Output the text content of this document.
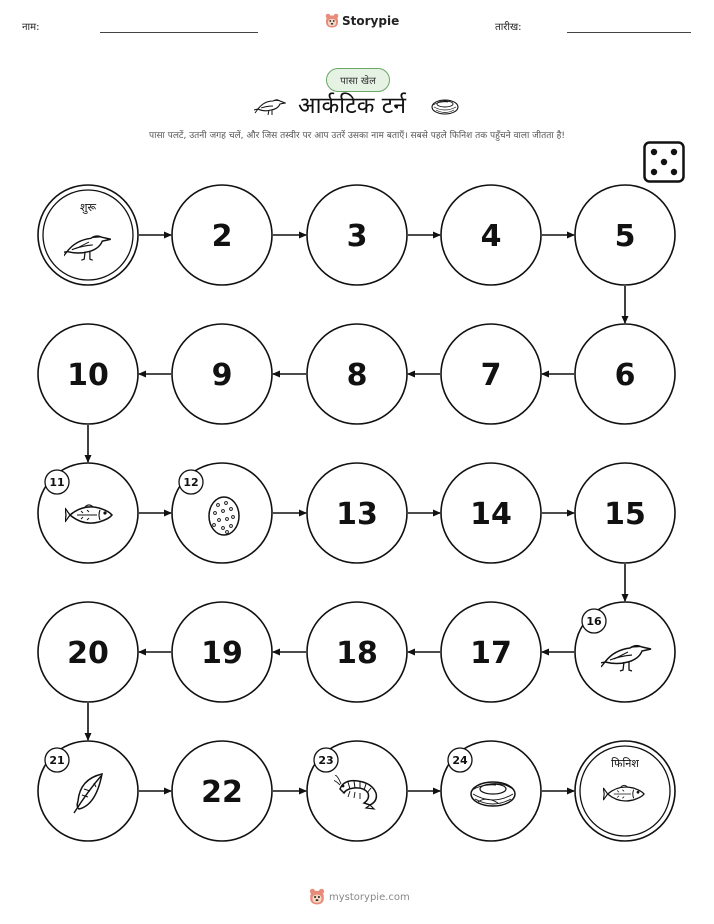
नाम:	Storypie	तारीख:
पासा खेल
आर्कटिक टर्न
पासा पलटें, उतनी जगह चलें, और जिस तस्वीर पर आप उतरें उसका नाम बताएँ। सबसे पहले फिनिश तक पहुँचने वाला जीतता है!
शुरू
2	3	4	5
6
7
8
9
10
11	12
13	14	15
16
17
18
19
20
21
22
23	24	फिनिश
mystorypie.com
